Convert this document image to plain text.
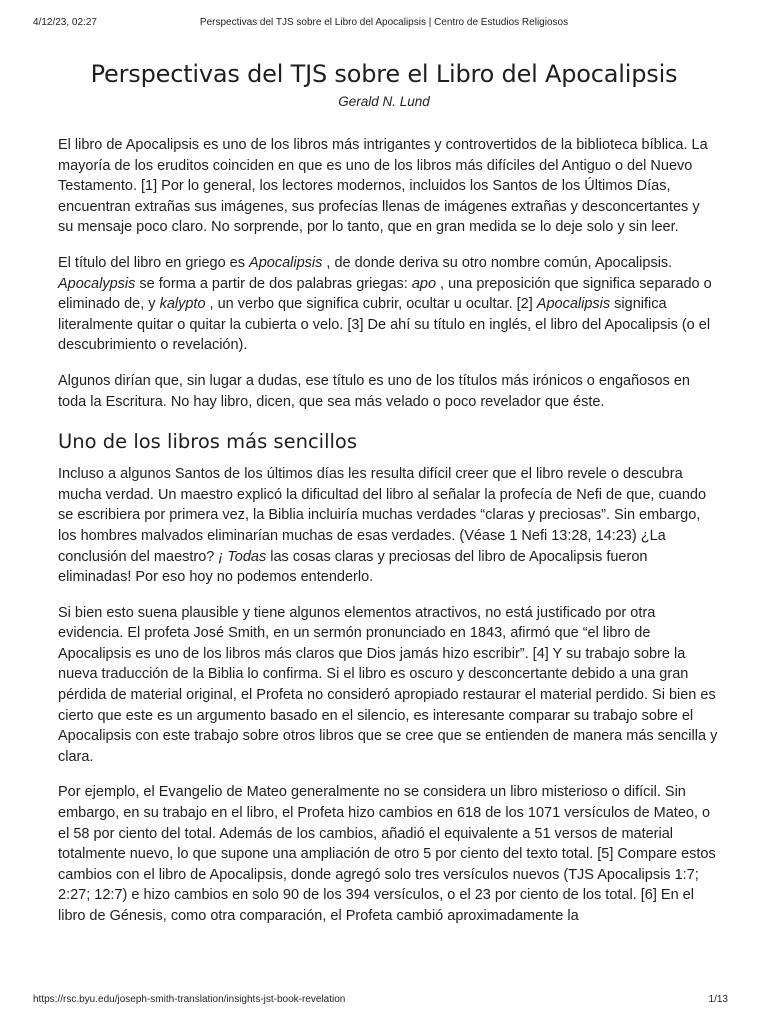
4/12/23, 02:27	Perspectivas del TJS sobre el Libro del Apocalipsis | Centro de Estudios Religiosos
Perspectivas del TJS sobre el Libro del Apocalipsis
Gerald N. Lund

El libro de Apocalipsis es uno de los libros más intrigantes y controvertidos de la biblioteca bíblica. La mayoría de los eruditos coinciden en que es uno de los libros más difíciles del Antiguo o del Nuevo Testamento. [1] Por lo general, los lectores modernos, incluidos los Santos de los Últimos Días, encuentran extrañas sus imágenes, sus profecías llenas de imágenes extrañas y desconcertantes y su mensaje poco claro. No sorprende, por lo tanto, que en gran medida se lo deje solo y sin leer.

El título del libro en griego es Apocalipsis , de donde deriva su otro nombre común, Apocalipsis. Apocalypsis se forma a partir de dos palabras griegas: apo , una preposición que significa separado o eliminado de, y kalypto , un verbo que significa cubrir, ocultar u ocultar. [2] Apocalipsis significa literalmente quitar o quitar la cubierta o velo. [3] De ahí su título en inglés, el libro del Apocalipsis (o el descubrimiento o revelación).

Algunos dirían que, sin lugar a dudas, ese título es uno de los títulos más irónicos o engañosos en toda la Escritura. No hay libro, dicen, que sea más velado o poco revelador que éste.

Uno de los libros más sencillos

Incluso a algunos Santos de los últimos días les resulta difícil creer que el libro revele o descubra mucha verdad. Un maestro explicó la dificultad del libro al señalar la profecía de Nefi de que, cuando se escribiera por primera vez, la Biblia incluiría muchas verdades “claras y preciosas”. Sin embargo, los hombres malvados eliminarían muchas de esas verdades. (Véase 1 Nefi 13:28, 14:23) ¿La conclusión del maestro? ¡ Todas las cosas claras y preciosas del libro de Apocalipsis fueron eliminadas! Por eso hoy no podemos entenderlo.

Si bien esto suena plausible y tiene algunos elementos atractivos, no está justificado por otra evidencia. El profeta José Smith, en un sermón pronunciado en 1843, afirmó que “el libro de Apocalipsis es uno de los libros más claros que Dios jamás hizo escribir”. [4] Y su trabajo sobre la nueva traducción de la Biblia lo confirma. Si el libro es oscuro y desconcertante debido a una gran pérdida de material original, el Profeta no consideró apropiado restaurar el material perdido. Si bien es cierto que este es un argumento basado en el silencio, es interesante comparar su trabajo sobre el Apocalipsis con este trabajo sobre otros libros que se cree que se entienden de manera más sencilla y clara.

Por ejemplo, el Evangelio de Mateo generalmente no se considera un libro misterioso o difícil. Sin embargo, en su trabajo en el libro, el Profeta hizo cambios en 618 de los 1071 versículos de Mateo, o el 58 por ciento del total. Además de los cambios, añadió el equivalente a 51 versos de material totalmente nuevo, lo que supone una ampliación de otro 5 por ciento del texto total. [5] Compare estos cambios con el libro de Apocalipsis, donde agregó solo tres versículos nuevos (TJS Apocalipsis 1:7; 2:27; 12:7) e hizo cambios en solo 90 de los 394 versículos, o el 23 por ciento de los total. [6] En el libro de Génesis, como otra comparación, el Profeta cambió aproximadamente la

https://rsc.byu.edu/joseph-smith-translation/insights-jst-book-revelation	1/13
